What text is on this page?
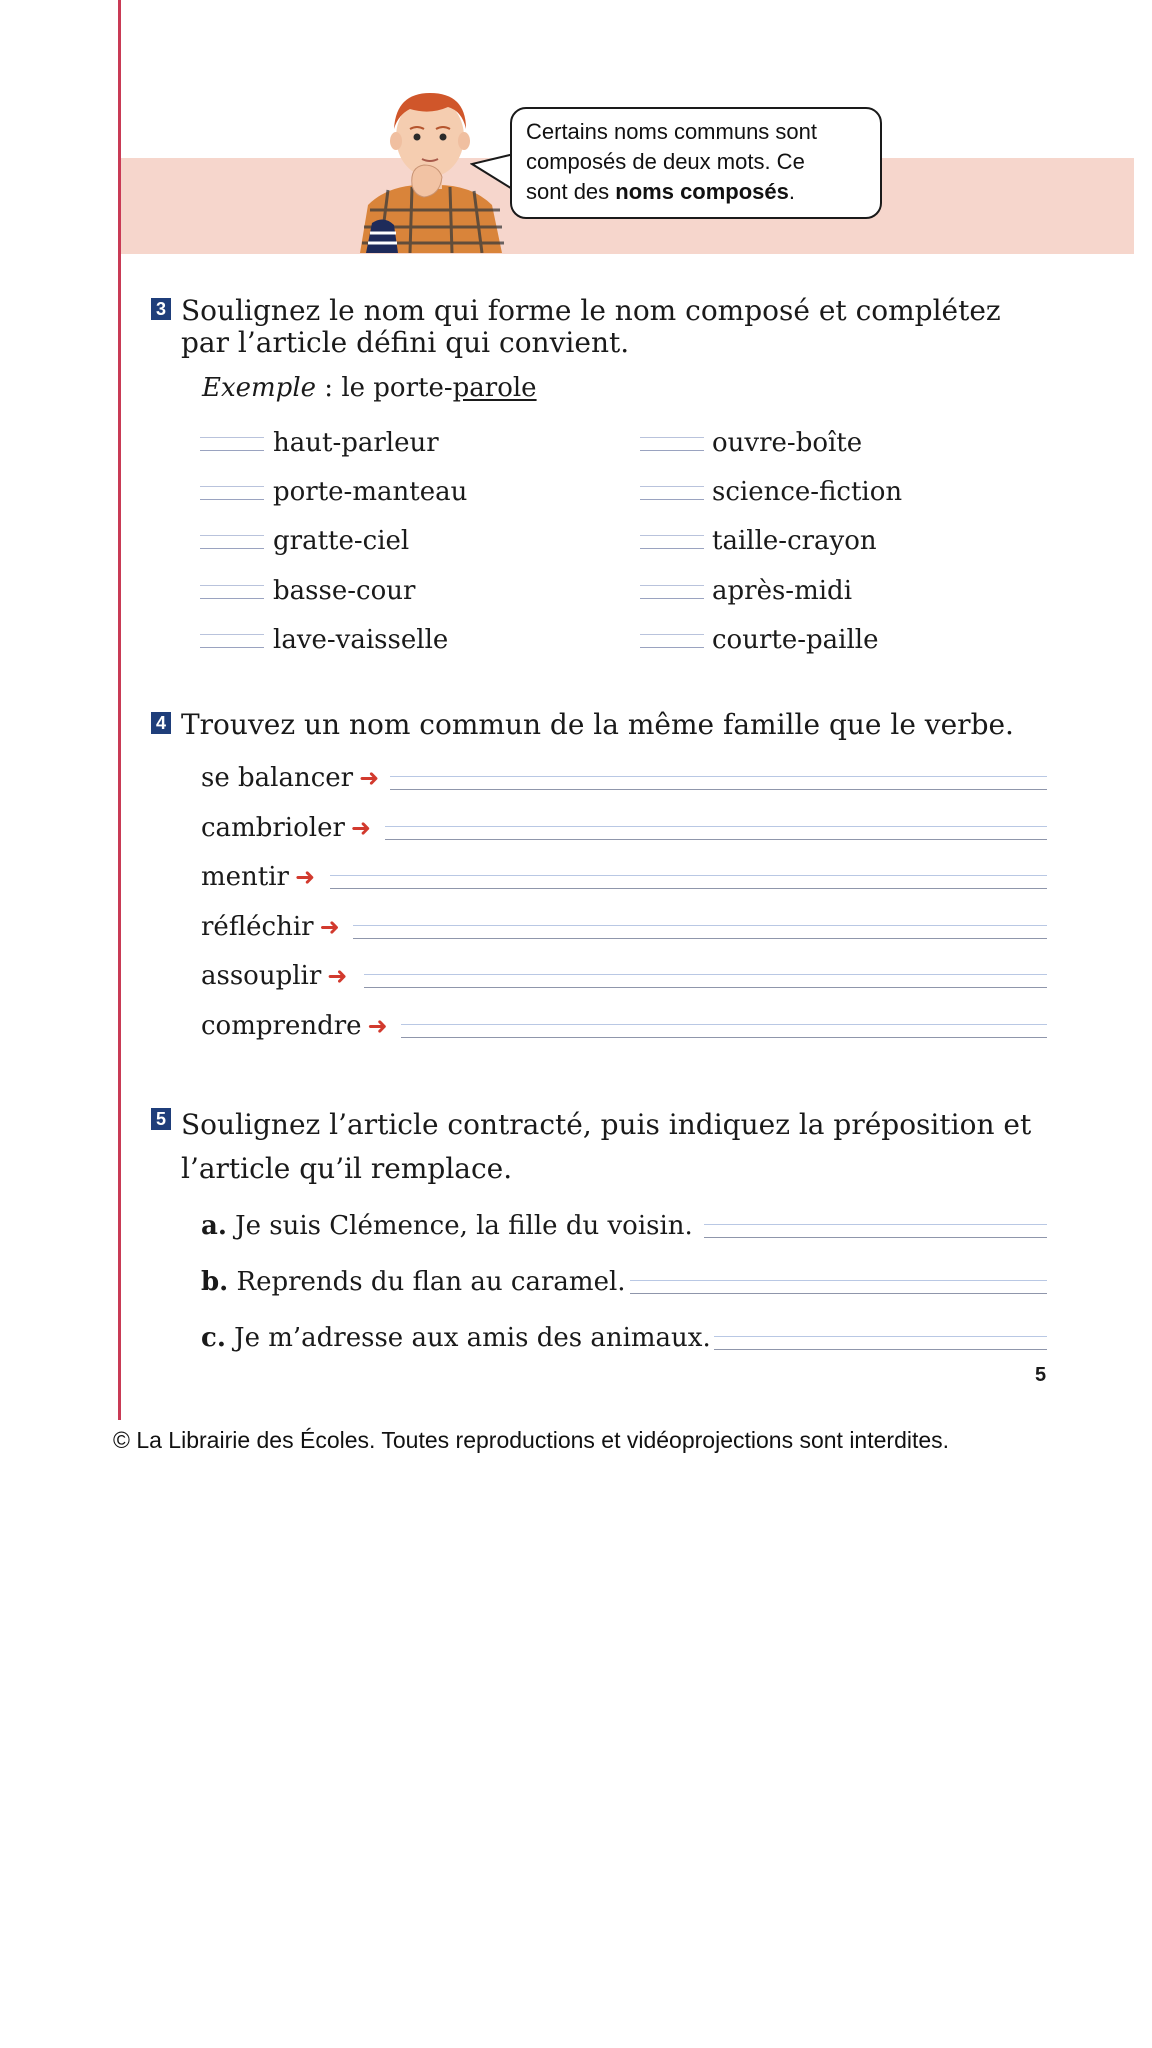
Certains noms communs sont
composés de deux mots. Ce
sont des noms composés.
3 Soulignez le nom qui forme le nom composé et complétez
par l’article défini qui convient.
Exemple : le porte-parole
haut-parleur
porte-manteau
gratte-ciel
basse-cour
lave-vaisselle
ouvre-boîte
science-fiction
taille-crayon
après-midi
courte-paille
4 Trouvez un nom commun de la même famille que le verbe.
se balancer ➜
cambrioler ➜
mentir ➜
réfléchir ➜
assouplir ➜
comprendre ➜
5 Soulignez l’article contracté, puis indiquez la préposition et
l’article qu’il remplace.
a. Je suis Clémence, la fille du voisin.
b. Reprends du flan au caramel.
c. Je m’adresse aux amis des animaux.
5
© La Librairie des Écoles. Toutes reproductions et vidéoprojections sont interdites.
